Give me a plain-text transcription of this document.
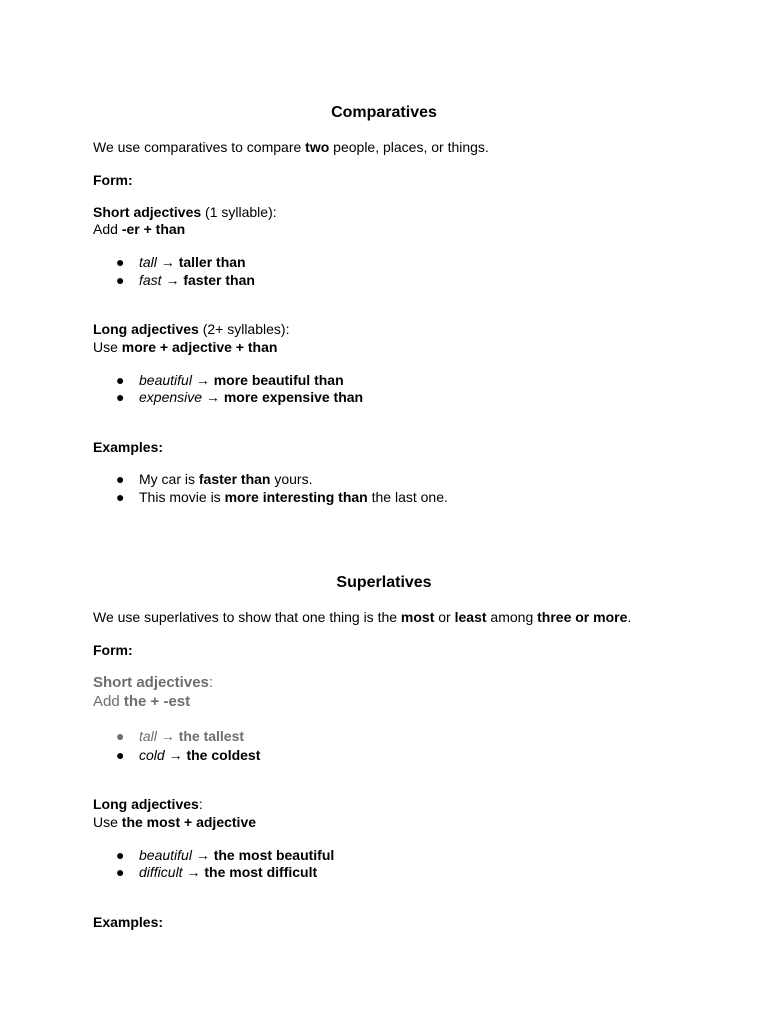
Comparatives

We use comparatives to compare two people, places, or things.

Form:

Short adjectives (1 syllable):

Add -er + than

● tall → taller than
● fast → faster than

Long adjectives (2+ syllables):

Use more + adjective + than

● beautiful → more beautiful than
● expensive → more expensive than

Examples:

● My car is faster than yours.
● This movie is more interesting than the last one.
Superlatives

We use superlatives to show that one thing is the most or least among three or more.

Form:

Short adjectives:

Add the + -est

● tall → the tallest
● cold → the coldest

Long adjectives:

Use the most + adjective

● beautiful → the most beautiful
● difficult → the most difficult

Examples:
